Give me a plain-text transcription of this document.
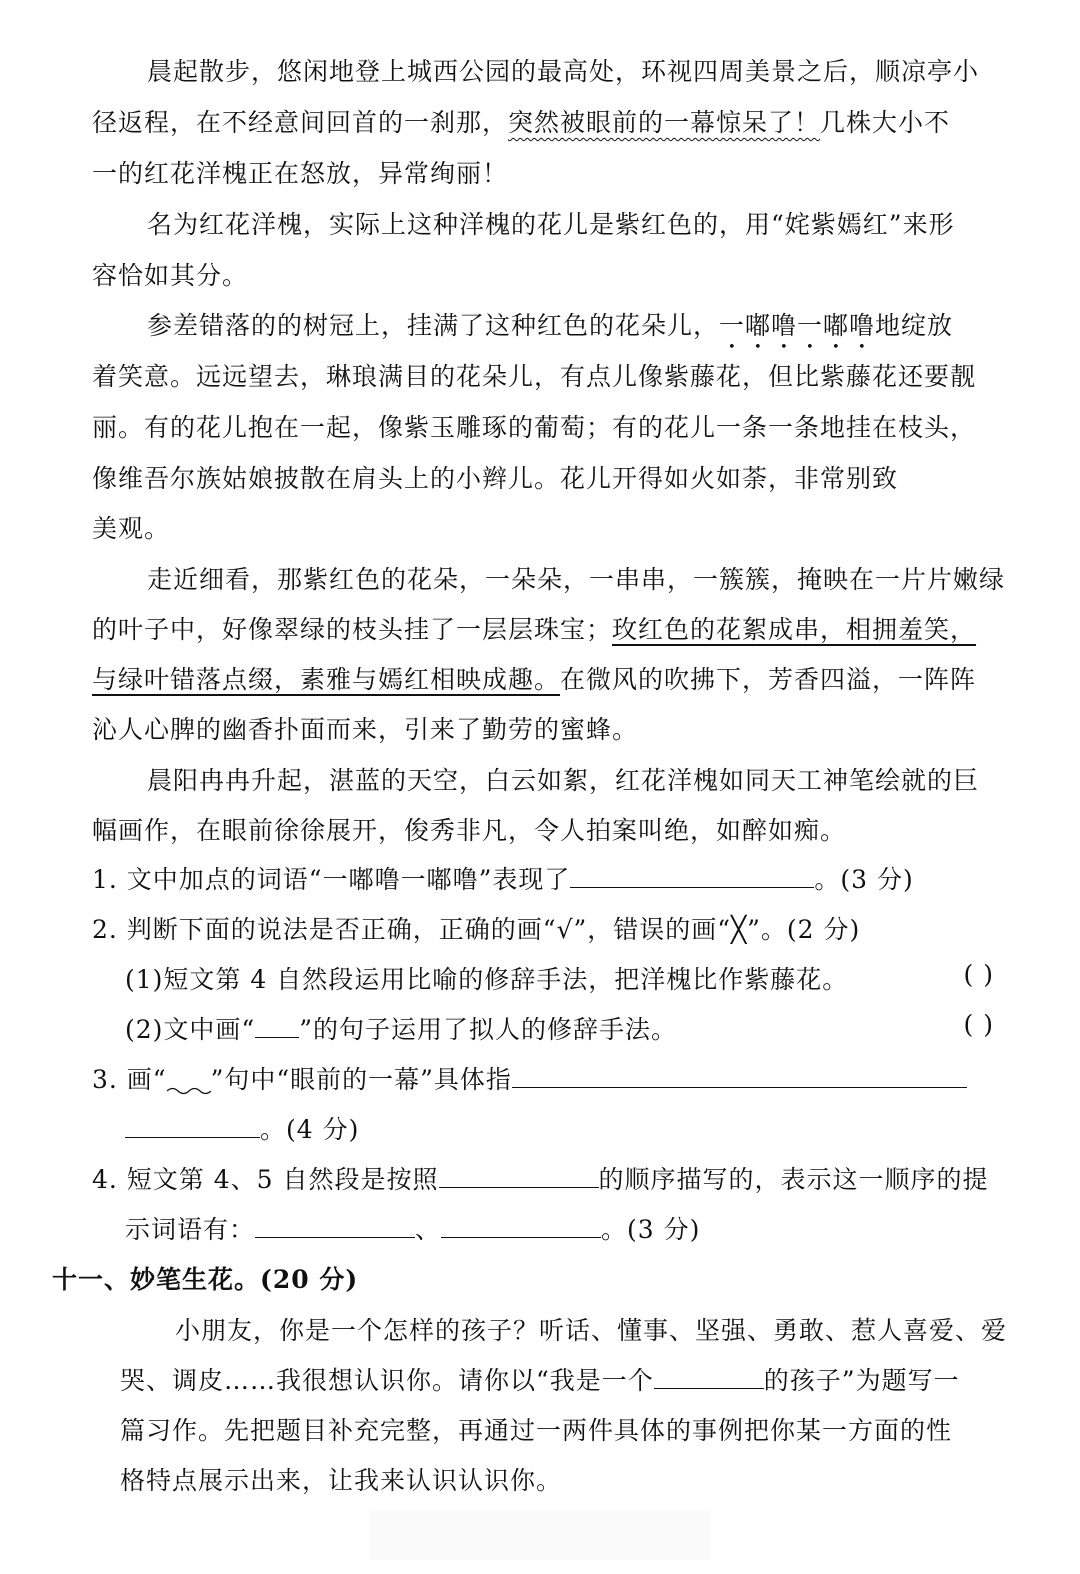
晨起散步，悠闲地登上城西公园的最高处，环视四周美景之后，顺凉亭小
径返程，在不经意间回首的一刹那，突然被眼前的一幕惊呆了！几株大小不
一的红花洋槐正在怒放，异常绚丽！
名为红花洋槐，实际上这种洋槐的花儿是紫红色的，用“姹紫嫣红”来形
容恰如其分。
参差错落的的树冠上，挂满了这种红色的花朵儿，一嘟噜一嘟噜地绽放
着笑意。远远望去，琳琅满目的花朵儿，有点儿像紫藤花，但比紫藤花还要靓
丽。有的花儿抱在一起，像紫玉雕琢的葡萄；有的花儿一条一条地挂在枝头，
像维吾尔族姑娘披散在肩头上的小辫儿。花儿开得如火如荼，非常别致
美观。
走近细看，那紫红色的花朵，一朵朵，一串串，一簇簇，掩映在一片片嫩绿
的叶子中，好像翠绿的枝头挂了一层层珠宝；玫红色的花絮成串，相拥羞笑，
与绿叶错落点缀，素雅与嫣红相映成趣。在微风的吹拂下，芳香四溢，一阵阵
沁人心脾的幽香扑面而来，引来了勤劳的蜜蜂。
晨阳冉冉升起，湛蓝的天空，白云如絮，红花洋槐如同天工神笔绘就的巨
幅画作，在眼前徐徐展开，俊秀非凡，令人拍案叫绝，如醉如痴。
1. 文中加点的词语“一嘟噜一嘟噜”表现了	。(3 分)
2. 判断下面的说法是否正确，正确的画“√”，错误的画“╳”。(2 分)
(1)短文第 4 自然段运用比喻的修辞手法，把洋槐比作紫藤花。	( )
(2)文中画“ ”的句子运用了拟人的修辞手法。	( )
3. 画“ ”句中“眼前的一幕”具体指
。(4 分)
4. 短文第 4、5 自然段是按照	的顺序描写的，表示这一顺序的提
示词语有：	、	。(3 分)
十一、妙笔生花。(20 分)
小朋友，你是一个怎样的孩子？听话、懂事、坚强、勇敢、惹人喜爱、爱
哭、调皮……我很想认识你。请你以“我是一个	的孩子”为题写一
篇习作。先把题目补充完整，再通过一两件具体的事例把你某一方面的性
格特点展示出来，让我来认识认识你。
